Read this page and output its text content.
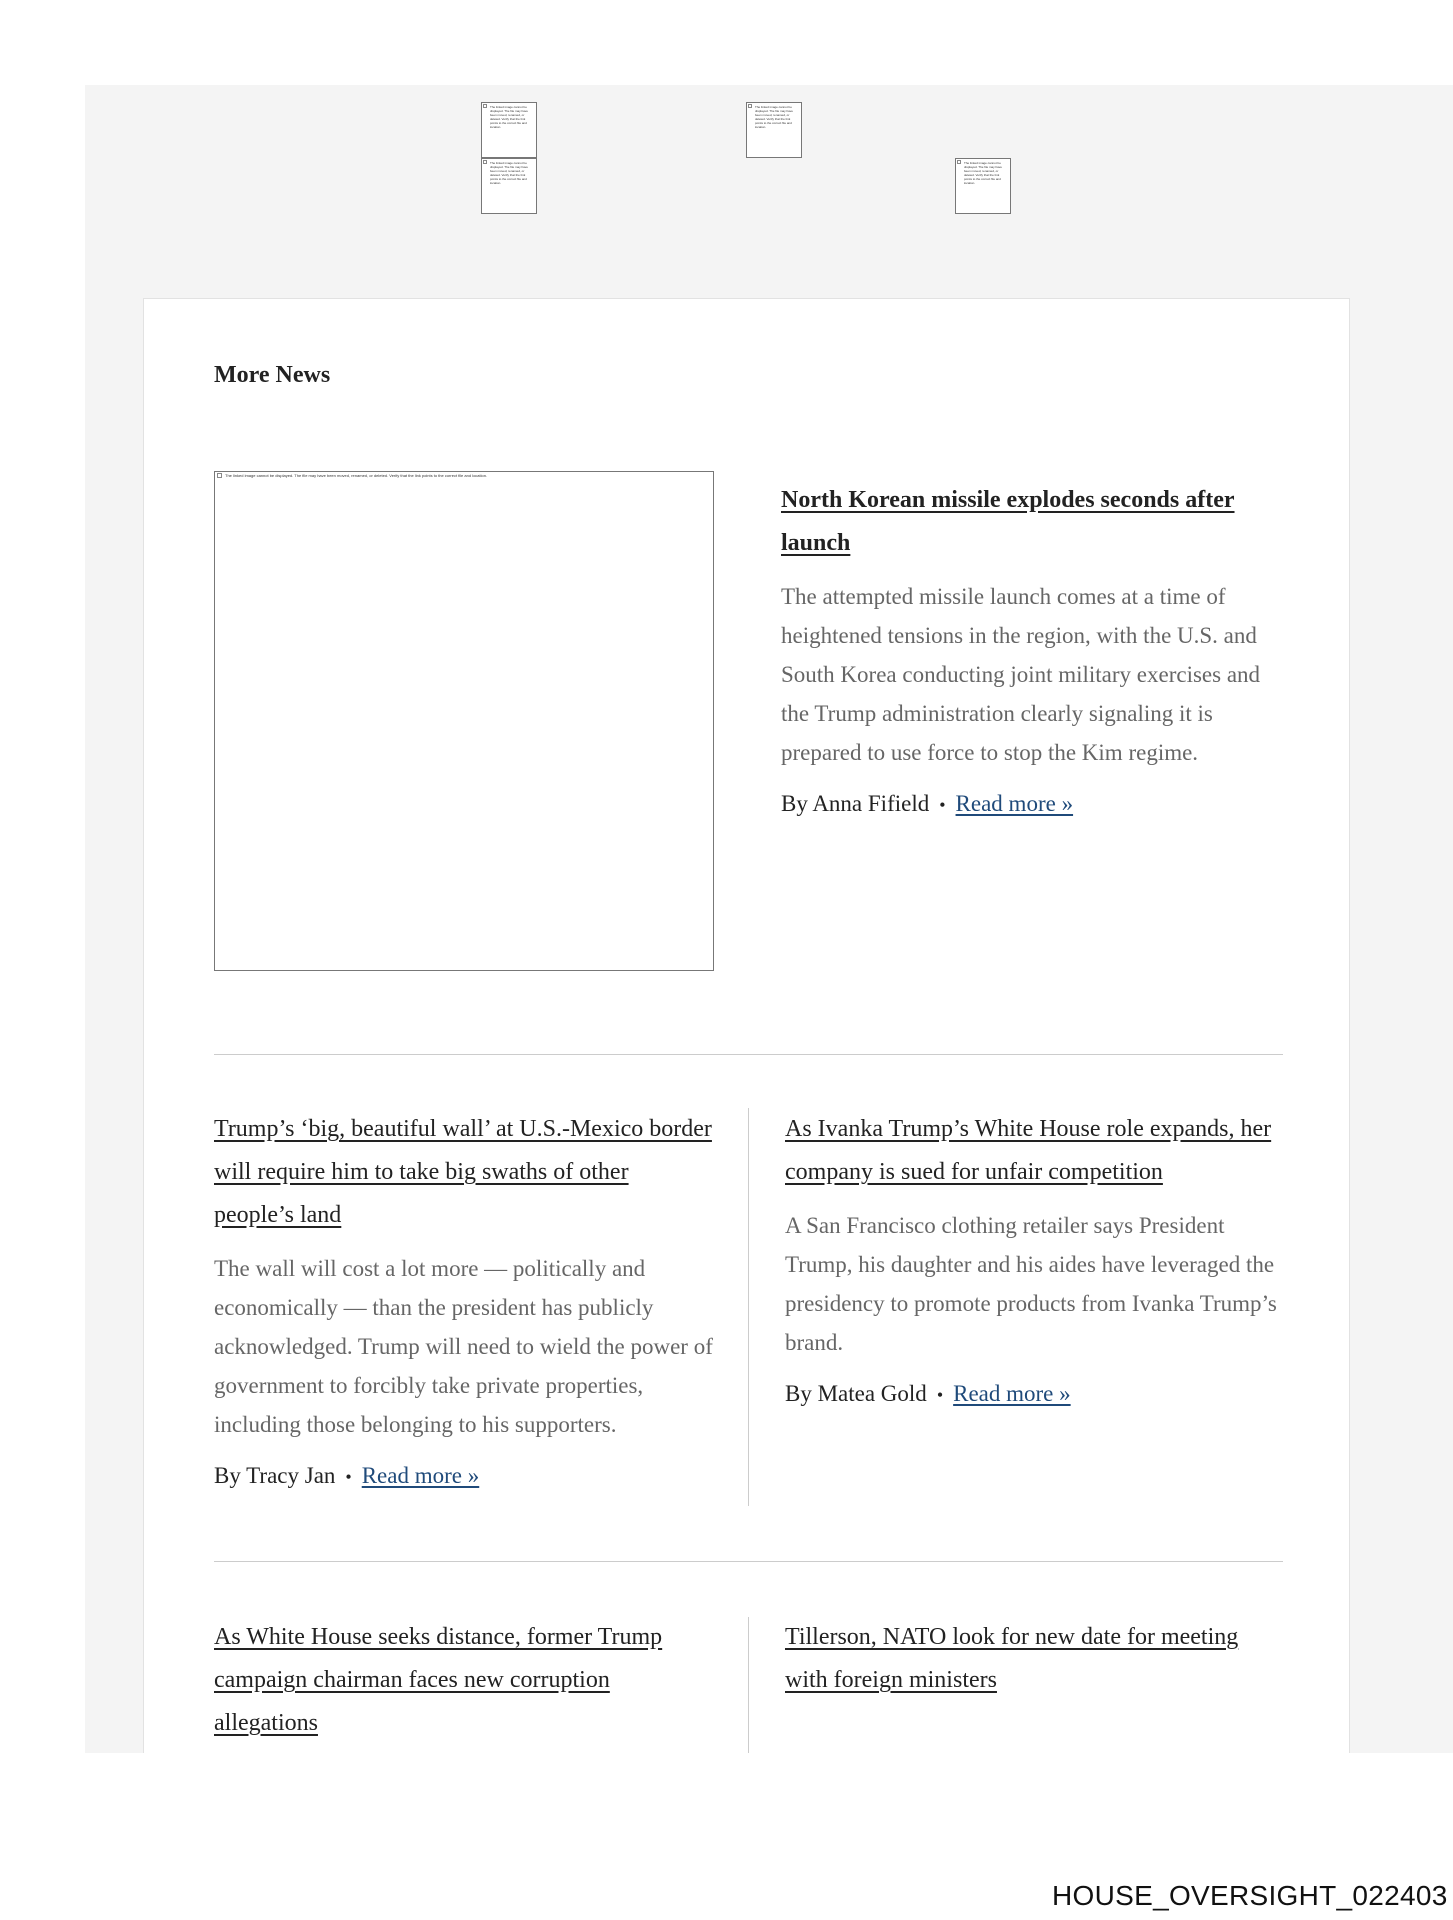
The linked image cannot be displayed. The file may have been moved, renamed, or deleted. Verify that the link points to the correct file and location.
The linked image cannot be displayed. The file may have been moved, renamed, or deleted. Verify that the link points to the correct file and location.
The linked image cannot be displayed. The file may have been moved, renamed, or deleted. Verify that the link points to the correct file and location.
The linked image cannot be displayed. The file may have been moved, renamed, or deleted. Verify that the link points to the correct file and location.
More News
The linked image cannot be displayed. The file may have been moved, renamed, or deleted. Verify that the link points to the correct file and location.
North Korean missile explodes seconds after launch

The attempted missile launch comes at a time of heightened tensions in the region, with the U.S. and South Korea conducting joint military exercises and the Trump administration clearly signaling it is prepared to use force to stop the Kim regime.

By Anna Fifield • Read more »
Trump’s ‘big, beautiful wall’ at U.S.-Mexico border will require him to take big swaths of other people’s land

The wall will cost a lot more — politically and economically — than the president has publicly acknowledged. Trump will need to wield the power of government to forcibly take private properties, including those belonging to his supporters.

By Tracy Jan • Read more »
As Ivanka Trump’s White House role expands, her company is sued for unfair competition

A San Francisco clothing retailer says President Trump, his daughter and his aides have leveraged the presidency to promote products from Ivanka Trump’s brand.

By Matea Gold • Read more »
As White House seeks distance, former Trump campaign chairman faces new corruption allegations
Tillerson, NATO look for new date for meeting with foreign ministers
HOUSE_OVERSIGHT_022403
